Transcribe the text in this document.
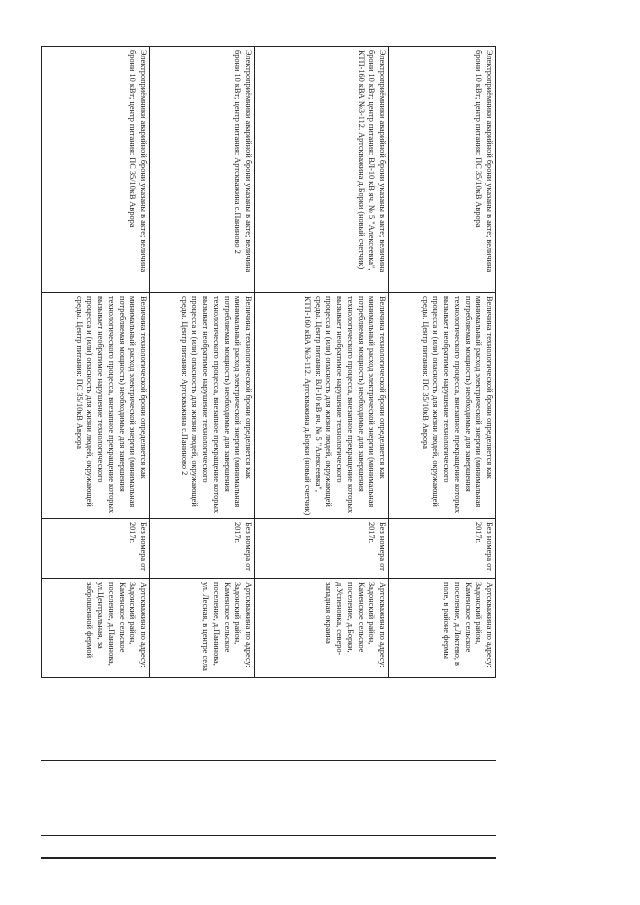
Электроприёмники аварийной брони указаны в акте; величина брони 10 кВт; центр питания: ПС 35/10кВ Аврора
Величина технологической брони определяется как минимальный расход электрической энергии (минимальная потребляемая мощность) необходимые для завершения технологического процесса, внезапное прекращение которых вызывает необратимое нарушение технологического процесса и (или) опасность для жизни людей, окружающей среды. Центр питания: ПС 35/10кВ Аврора
Без номера от 2017г.
Артскважина по адресу: Задонский район, Каменское сельское поселение, д.Панинова, ул.Центральная, за заброшенной фермой
Электроприёмники аварийной брони указаны в акте; величина брони 10 кВт; центр питания: Артскважина с.Паниново 2
Величина технологической брони определяется как минимальный расход электрической энергии (минимальная потребляемая мощность) необходимые для завершения технологического процесса, внезапное прекращение которых вызывает необратимое нарушение технологического процесса и (или) опасность для жизни людей, окружающей среды. Центр питания: Артскважина с.Паниново 2
Без номера от 2017г.
Артскважина по адресу: Задонский район, Каменское сельское поселение, д.Панинова, ул. Лесная, в центре села
Электроприёмники аварийной брони указаны в акте; величина брони 10 кВт; центр питания: ВЛ-10 кВ яч. № 5 "Алексеевка", КТП-160 кВА №3-112. Артскважина д.Борки (новый счетчик)
Величина технологической брони определяется как минимальный расход электрической энергии (минимальная потребляемая мощность) необходимые для завершения технологического процесса, внезапное прекращение которых вызывает необратимое нарушение технологического процесса и (или) опасность для жизни людей, окружающей среды. Центр питания: ВЛ-10 кВ яч. № 5 "Алексеевка", КТП-160 кВА №3-112. Артскважина д.Борки (новый счетчик)
Без номера от 2017г.
Артскважина по адресу: Задонский район, Каменское сельское поселение, д.Борки, д.Успеновка, северо-западная окраина
Электроприёмники аварийной брони указаны в акте; величина брони 10 кВт; центр питания: ПС 35/10кВ Аврора
Величина технологической брони определяется как минимальный расход электрической энергии (минимальная потребляемая мощность) необходимые для завершения технологического процесса, внезапное прекращение которых вызывает необратимое нарушение технологического процесса и (или) опасность для жизни людей, окружающей среды. Центр питания: ПС 35/10кВ Аврора
Без номера от 2017г.
Артскважина по адресу: Задонский район, Каменское сельское поселение, д.Локтево, в поле, в районе фермы
